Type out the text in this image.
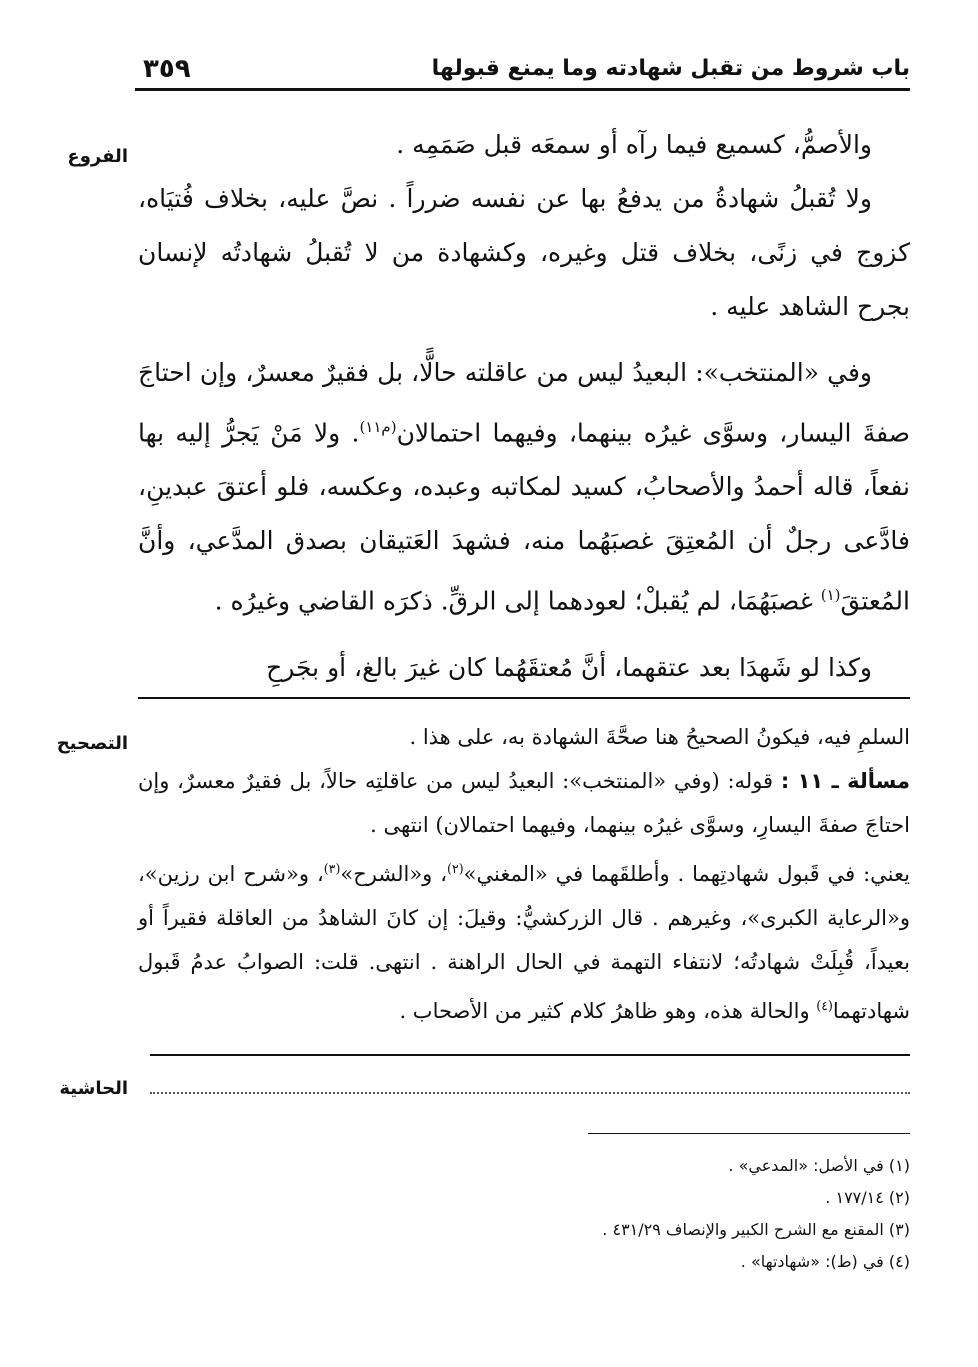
باب شروط من تقبل شهادته وما يمنع قبولها
٣٥٩
الفروع
التصحيح
الحاشية

والأصمُّ، كسميع فيما رآه أو سمعَه قبل صَمَمِه .

ولا تُقبلُ شهادةُ من يدفعُ بها عن نفسه ضرراً . نصَّ عليه، بخلاف فُتيَاه، كزوج في زنًى، بخلاف قتل وغيره، وكشهادة من لا تُقبلُ شهادتُه لإنسان بجرح الشاهد عليه .

وفي «المنتخب»: البعيدُ ليس من عاقلته حالًّا، بل فقيرٌ معسرٌ، وإن احتاجَ صفةَ اليسار، وسوَّى غيرُه بينهما، وفيهما احتمالان$^{(م١١)}$. ولا مَنْ يَجرُّ إليه بها نفعاً، قاله أحمدُ والأصحابُ، كسيد لمكاتبه وعبده، وعكسه، فلو أعتقَ عبدينِ، فادَّعى رجلٌ أن المُعتِقَ غصبَهُما منه، فشهدَ العَتيقان بصدق المدَّعي، وأنَّ المُعتقَ$^{(١)}$ غصبَهُمَا، لم يُقبلْ؛ لعودهما إلى الرقِّ. ذكرَه القاضي وغيرُه .

وكذا لو شَهدَا بعد عتقهما، أنَّ مُعتقَهُما كان غيرَ بالغ، أو بجَرحِ

السلمِ فيه، فيكونُ الصحيحُ هنا صحَّةَ الشهادة به، على هذا .

مسألة ـ ١١ : قوله: (وفي «المنتخب»: البعيدُ ليس من عاقلتِه حالاً، بل فقيرٌ معسرٌ، وإن احتاجَ صفةَ اليسارِ، وسوَّى غيرُه بينهما، وفيهما احتمالان) انتهى .

يعني: في قَبول شهادتِهما . وأطلقَهما في «المغني»$^{(٢)}$، و«الشرح»$^{(٣)}$، و«شرح ابن رزين»، و«الرعاية الكبرى»، وغيرهم . قال الزركشيُّ: وقيلَ: إن كانَ الشاهدُ من العاقلة فقيراً أو بعيداً، قُبِلَتْ شهادتُه؛ لانتفاء التهمة في الحال الراهنة . انتهى. قلت: الصوابُ عدمُ قَبول شهادتهما$^{(٤)}$ والحالة هذه، وهو ظاهرُ كلام كثير من الأصحاب .

(١) في الأصل: «المدعي» .
(٢) ١٧٧/١٤ .
(٣) المقنع مع الشرح الكبير والإنصاف ٤٣١/٢٩ .
(٤) في (ط): «شهادتها» .
